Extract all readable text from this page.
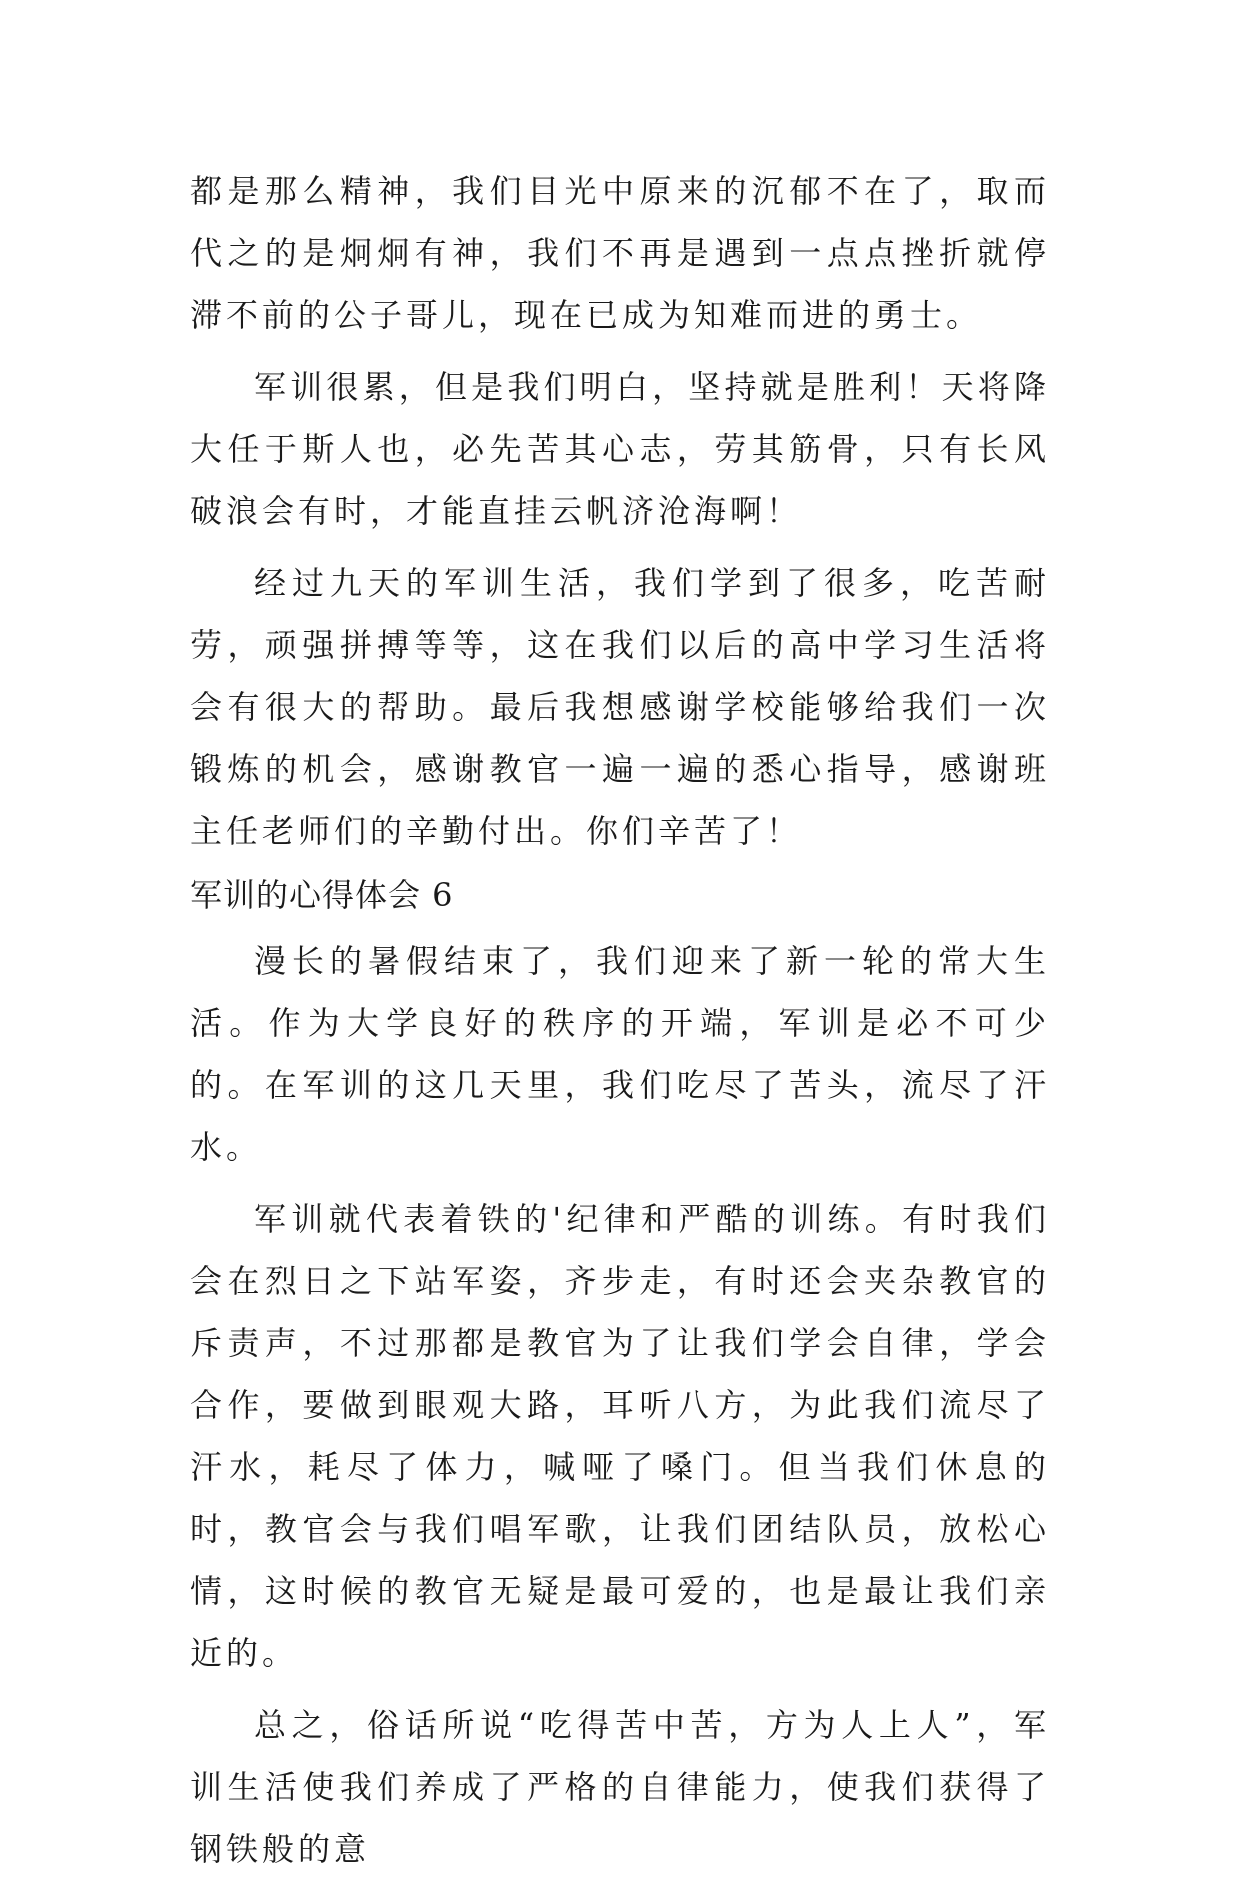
都是那么精神，我们目光中原来的沉郁不在了，取而代之的是炯炯有神，我们不再是遇到一点点挫折就停滞不前的公子哥儿，现在已成为知难而进的勇士。

军训很累，但是我们明白，坚持就是胜利！天将降大任于斯人也，必先苦其心志，劳其筋骨，只有长风破浪会有时，才能直挂云帆济沧海啊！

经过九天的军训生活，我们学到了很多，吃苦耐劳，顽强拼搏等等，这在我们以后的高中学习生活将会有很大的帮助。最后我想感谢学校能够给我们一次锻炼的机会，感谢教官一遍一遍的悉心指导，感谢班主任老师们的辛勤付出。你们辛苦了！

军训的心得体会 6

漫长的暑假结束了，我们迎来了新一轮的常大生活。作为大学良好的秩序的开端，军训是必不可少的。在军训的这几天里，我们吃尽了苦头，流尽了汗水。

军训就代表着铁的'纪律和严酷的训练。有时我们会在烈日之下站军姿，齐步走，有时还会夹杂教官的斥责声，不过那都是教官为了让我们学会自律，学会合作，要做到眼观大路，耳听八方，为此我们流尽了汗水，耗尽了体力，喊哑了嗓门。但当我们休息的时，教官会与我们唱军歌，让我们团结队员，放松心情，这时候的教官无疑是最可爱的，也是最让我们亲近的。

总之，俗话所说“吃得苦中苦，方为人上人”，军训生活使我们养成了严格的自律能力，使我们获得了钢铁般的意
